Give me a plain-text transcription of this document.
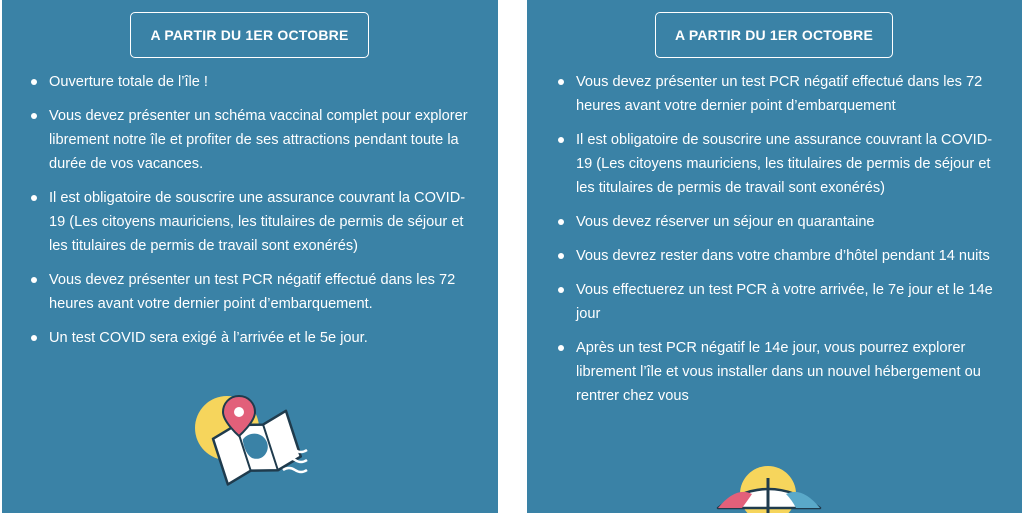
A PARTIR DU 1ER OCTOBRE
Ouverture totale de l’île !
Vous devez présenter un schéma vaccinal complet pour explorer librement notre île et profiter de ses attractions pendant toute la durée de vos vacances.
Il est obligatoire de souscrire une assurance couvrant la COVID-19 (Les citoyens mauriciens, les titulaires de permis de séjour et les titulaires de permis de travail sont exonérés)
Vous devez présenter un test PCR négatif effectué dans les 72 heures avant votre dernier point d’embarquement.
Un test COVID sera exigé à l’arrivée et le 5e jour.
A PARTIR DU 1ER OCTOBRE
Vous devez présenter un test PCR négatif effectué dans les 72 heures avant votre dernier point d’embarquement
Il est obligatoire de souscrire une assurance couvrant la COVID-19 (Les citoyens mauriciens, les titulaires de permis de séjour et les titulaires de permis de travail sont exonérés)
Vous devez réserver un séjour en quarantaine
Vous devrez rester dans votre chambre d’hôtel pendant 14 nuits
Vous effectuerez un test PCR à votre arrivée, le 7e jour et le 14e jour
Après un test PCR négatif le 14e jour, vous pourrez explorer librement l’île et vous installer dans un nouvel hébergement ou rentrer chez vous
